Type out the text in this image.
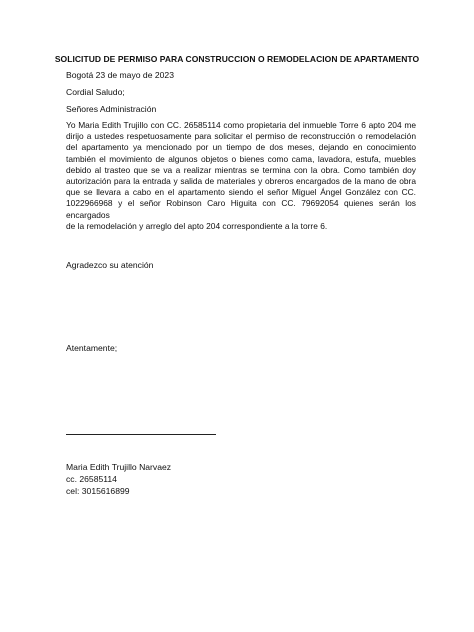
SOLICITUD DE PERMISO PARA CONSTRUCCION O REMODELACION DE APARTAMENTO
Bogotá 23 de mayo de 2023
Cordial Saludo;
Señores Administración
Yo Maria Edith Trujillo con CC. 26585114 como propietaria del inmueble Torre 6 apto 204 me
dirijo a ustedes respetuosamente para solicitar el permiso de reconstrucción o remodelación
del apartamento ya mencionado por un tiempo de dos meses, dejando en conocimiento
también el movimiento de algunos objetos o bienes como cama, lavadora, estufa, muebles
debido al trasteo que se va a realizar mientras se termina con la obra. Como también doy
autorización para la entrada y salida de materiales y obreros encargados de la mano de obra
que se llevara a cabo en el apartamento siendo el señor Miguel Ángel González con CC.
1022966968 y el señor Robinson Caro Higuita con CC. 79692054 quienes serán los encargados
de la remodelación y arreglo del apto 204 correspondiente a la torre 6.
Agradezco su atención
Atentamente;
Maria Edith Trujillo Narvaez
cc. 26585114
cel: 3015616899
